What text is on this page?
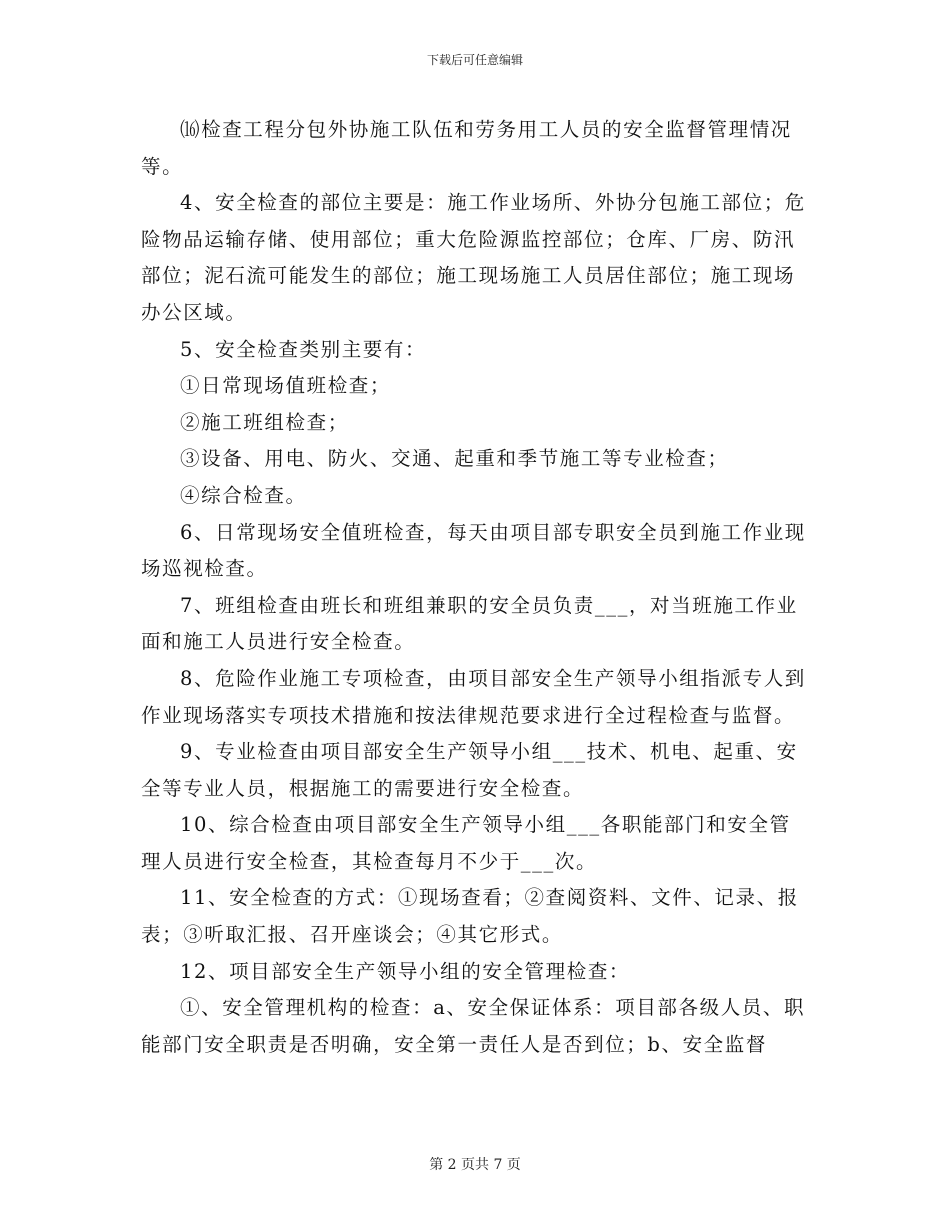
下载后可任意编辑

⒃检查工程分包外协施工队伍和劳务用工人员的安全监督管理情况等。

4、安全检查的部位主要是：施工作业场所、外协分包施工部位；危险物品运输存储、使用部位；重大危险源监控部位；仓库、厂房、防汛部位；泥石流可能发生的部位；施工现场施工人员居住部位；施工现场办公区域。

5、安全检查类别主要有：

①日常现场值班检查；

②施工班组检查；

③设备、用电、防火、交通、起重和季节施工等专业检查；

④综合检查。

6、日常现场安全值班检查，每天由项目部专职安全员到施工作业现场巡视检查。

7、班组检查由班长和班组兼职的安全员负责___，对当班施工作业面和施工人员进行安全检查。

8、危险作业施工专项检查，由项目部安全生产领导小组指派专人到作业现场落实专项技术措施和按法律规范要求进行全过程检查与监督。

9、专业检查由项目部安全生产领导小组___技术、机电、起重、安全等专业人员，根据施工的需要进行安全检查。

10、综合检查由项目部安全生产领导小组___各职能部门和安全管理人员进行安全检查，其检查每月不少于___次。

11、安全检查的方式：①现场查看；②查阅资料、文件、记录、报表；③听取汇报、召开座谈会；④其它形式。

12、项目部安全生产领导小组的安全管理检查：

①、安全管理机构的检查：a、安全保证体系：项目部各级人员、职能部门安全职责是否明确，安全第一责任人是否到位；b、安全监督

第 2 页共 7 页
